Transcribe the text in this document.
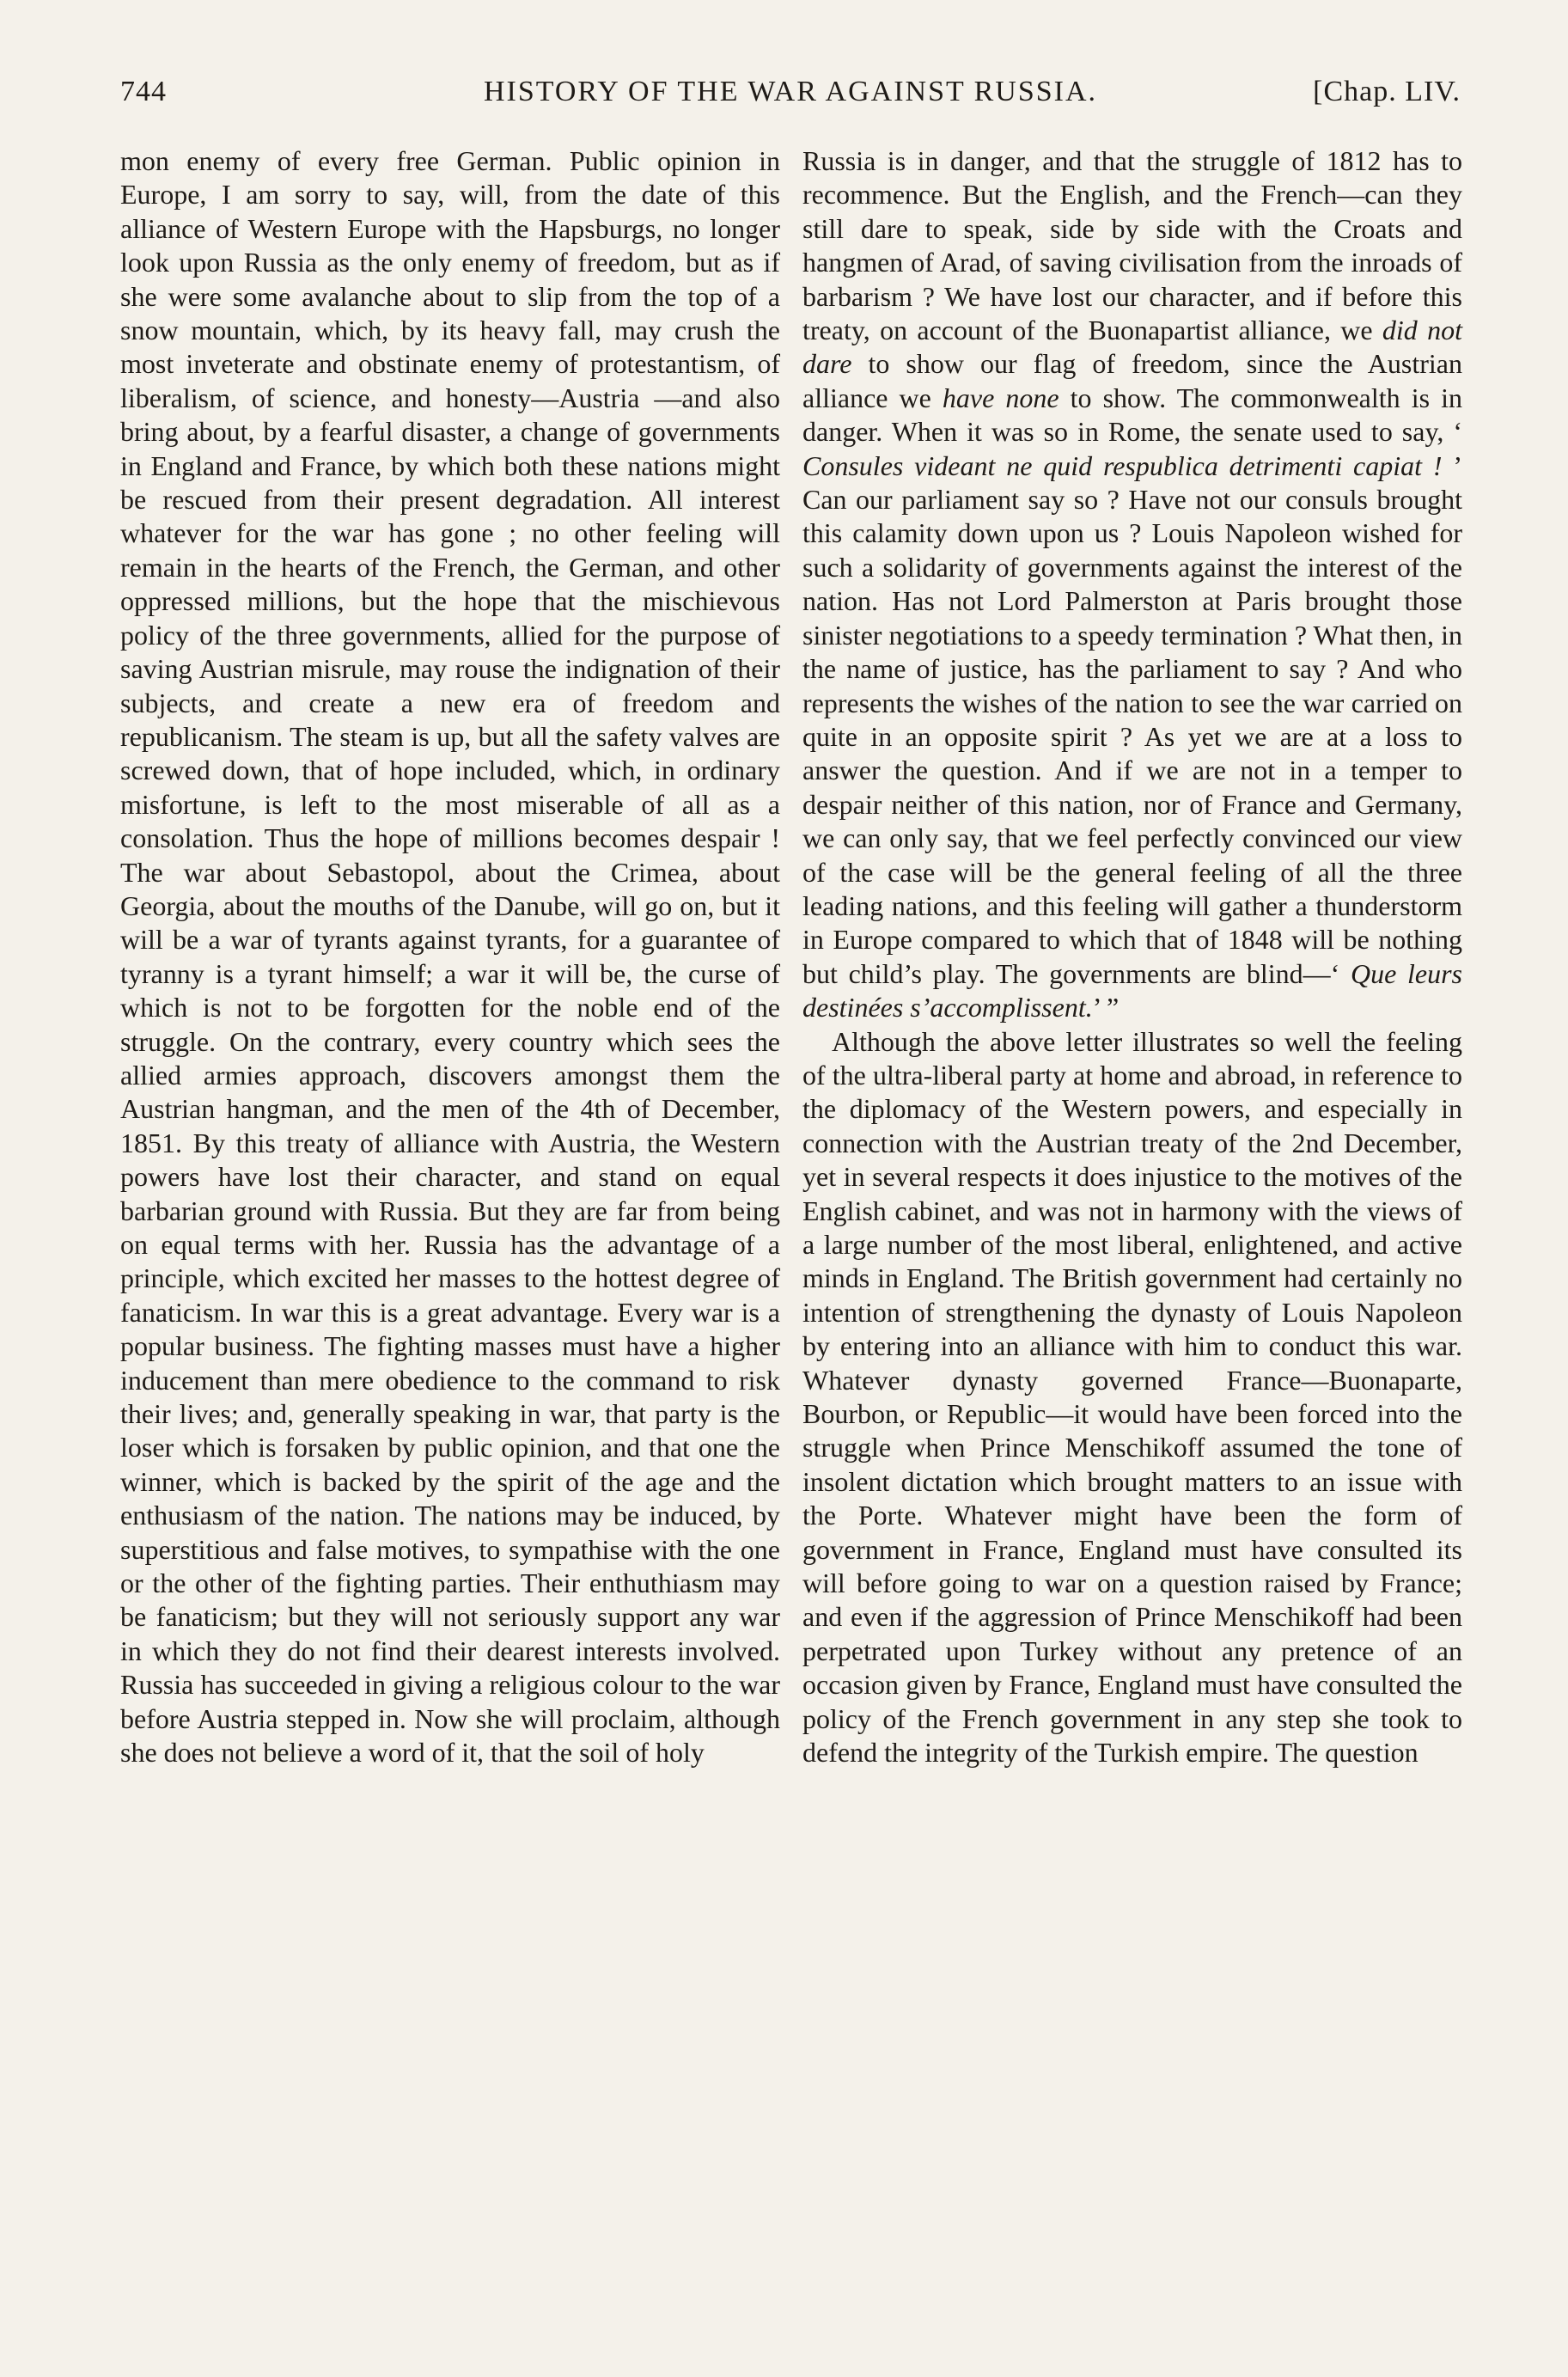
744	HISTORY OF THE WAR AGAINST RUSSIA.	[Chap. LIV.

mon enemy of every free German. Public opinion in Europe, I am sorry to say, will, from the date of this alliance of Western Europe with the Hapsburgs, no longer look upon Russia as the only enemy of freedom, but as if she were some avalanche about to slip from the top of a snow mountain, which, by its heavy fall, may crush the most inveterate and obstinate enemy of protestantism, of liberalism, of science, and honesty—Austria —and also bring about, by a fearful disaster, a change of governments in England and France, by which both these nations might be rescued from their present degradation. All interest whatever for the war has gone ; no other feeling will remain in the hearts of the French, the German, and other oppressed millions, but the hope that the mischievous policy of the three governments, allied for the purpose of saving Austrian misrule, may rouse the indignation of their subjects, and create a new era of freedom and republicanism. The steam is up, but all the safety valves are screwed down, that of hope included, which, in ordinary misfortune, is left to the most miserable of all as a consolation. Thus the hope of millions becomes despair ! The war about Sebastopol, about the Crimea, about Georgia, about the mouths of the Danube, will go on, but it will be a war of tyrants against tyrants, for a guarantee of tyranny is a tyrant himself; a war it will be, the curse of which is not to be forgotten for the noble end of the struggle. On the contrary, every country which sees the allied armies approach, discovers amongst them the Austrian hangman, and the men of the 4th of December, 1851. By this treaty of alliance with Austria, the Western powers have lost their character, and stand on equal barbarian ground with Russia. But they are far from being on equal terms with her. Russia has the advantage of a principle, which excited her masses to the hottest degree of fanaticism. In war this is a great advantage. Every war is a popular business. The fighting masses must have a higher inducement than mere obedience to the command to risk their lives; and, generally speaking in war, that party is the loser which is forsaken by public opinion, and that one the winner, which is backed by the spirit of the age and the enthusiasm of the nation. The nations may be induced, by superstitious and false motives, to sympathise with the one or the other of the fighting parties. Their enthuthiasm may be fanaticism; but they will not seriously support any war in which they do not find their dearest interests involved. Russia has succeeded in giving a religious colour to the war before Austria stepped in. Now she will proclaim, although she does not believe a word of it, that the soil of holy

Russia is in danger, and that the struggle of 1812 has to recommence. But the English, and the French—can they still dare to speak, side by side with the Croats and hangmen of Arad, of saving civilisation from the inroads of barbarism ? We have lost our character, and if before this treaty, on account of the Buonapartist alliance, we did not dare to show our flag of freedom, since the Austrian alliance we have none to show. The commonwealth is in danger. When it was so in Rome, the senate used to say, ‘ Consules videant ne quid respublica detrimenti capiat ! ’ Can our parliament say so ? Have not our consuls brought this calamity down upon us ? Louis Napoleon wished for such a solidarity of governments against the interest of the nation. Has not Lord Palmerston at Paris brought those sinister negotiations to a speedy termination ? What then, in the name of justice, has the parliament to say ? And who represents the wishes of the nation to see the war carried on quite in an opposite spirit ? As yet we are at a loss to answer the question. And if we are not in a temper to despair neither of this nation, nor of France and Germany, we can only say, that we feel perfectly convinced our view of the case will be the general feeling of all the three leading nations, and this feeling will gather a thunderstorm in Europe compared to which that of 1848 will be nothing but child’s play. The governments are blind—‘ Que leurs destinées s’accomplissent.’ ”

Although the above letter illustrates so well the feeling of the ultra-liberal party at home and abroad, in reference to the diplomacy of the Western powers, and especially in connection with the Austrian treaty of the 2nd December, yet in several respects it does injustice to the motives of the English cabinet, and was not in harmony with the views of a large number of the most liberal, enlightened, and active minds in England. The British government had certainly no intention of strengthening the dynasty of Louis Napoleon by entering into an alliance with him to conduct this war. Whatever dynasty governed France—Buonaparte, Bourbon, or Republic—it would have been forced into the struggle when Prince Menschikoff assumed the tone of insolent dictation which brought matters to an issue with the Porte. Whatever might have been the form of government in France, England must have consulted its will before going to war on a question raised by France; and even if the aggression of Prince Menschikoff had been perpetrated upon Turkey without any pretence of an occasion given by France, England must have consulted the policy of the French government in any step she took to defend the integrity of the Turkish empire. The question
